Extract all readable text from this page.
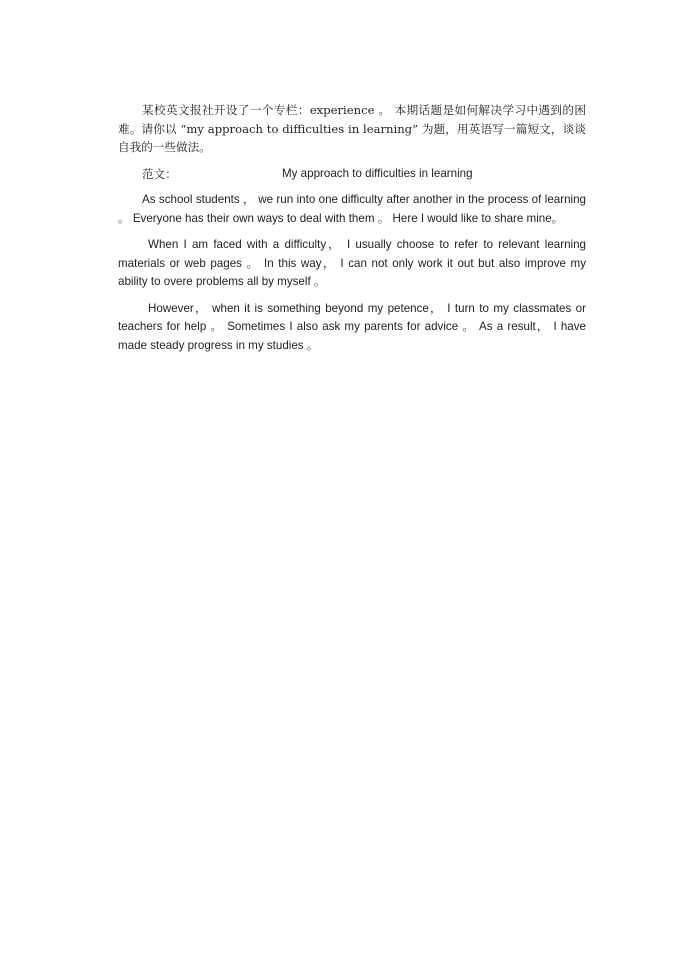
某校英文报社开设了一个专栏：experience 。 本期话题是如何解决学习中遇到的困难。请你以 “my approach to difficulties in learning” 为题，用英语写一篇短文，谈谈自我的一些做法。

范文：	My approach to difficulties in learning

As school students ， we run into one difficulty after another in the process of learning 。 Everyone has their own ways to deal with them 。 Here I would like to share mine。

When I am faced with a difficulty， I usually choose to refer to relevant learning materials or web pages 。 In this way， I can not only work it out but also improve my ability to overe problems all by myself 。

However， when it is something beyond my petence， I turn to my classmates or teachers for help 。 Sometimes I also ask my parents for advice 。 As a result， I have made steady progress in my studies 。
